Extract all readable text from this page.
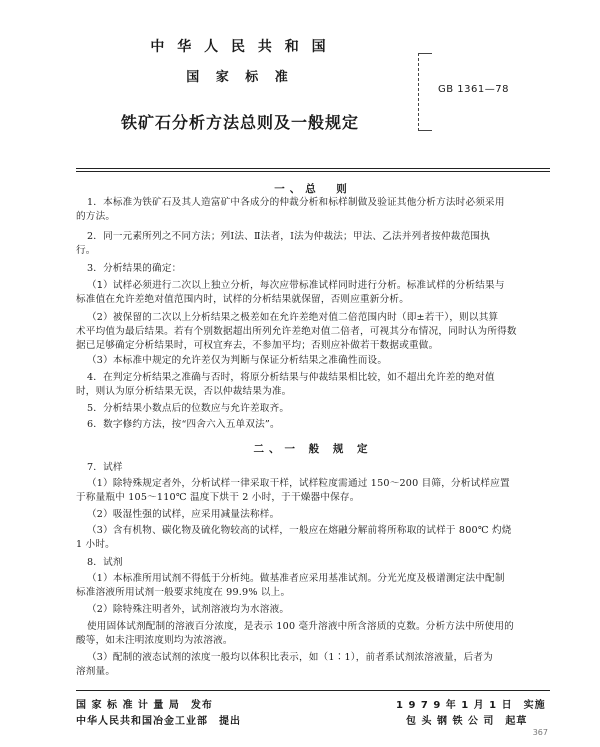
中 华 人 民 共 和 国
国 家 标 准
铁矿石分析方法总则及一般规定
GB 1361—78
一、总　则
1．本标准为铁矿石及其人造富矿中各成分的仲裁分析和标样制做及验证其他分析方法时必须采用
的方法。
2．同一元素所列之不同方法；列Ⅰ法、Ⅱ法者，Ⅰ法为仲裁法；甲法、乙法并列者按仲裁范围执
行。
3．分析结果的确定：
（1）试样必须进行二次以上独立分析，每次应带标准试样同时进行分析。标准试样的分析结果与
标准值在允许差绝对值范围内时，试样的分析结果就保留，否则应重新分析。
（2）被保留的二次以上分析结果之极差如在允许差绝对值二倍范围内时（即±若干），则以其算
术平均值为最后结果。若有个别数据超出所列允许差绝对值二倍者，可视其分布情况，同时认为所得数
据已足够确定分析结果时，可权宜弃去，不参加平均；否则应补做若干数据或重做。
（3）本标准中规定的允许差仅为判断与保证分析结果之准确性而设。
4．在判定分析结果之准确与否时，将原分析结果与仲裁结果相比较，如不超出允许差的绝对值
时，则认为原分析结果无误，否以仲裁结果为准。
5．分析结果小数点后的位数应与允许差取齐。
6．数字修约方法，按“四舍六入五单双法”。
二、一 般 规 定
7．试样
（1）除特殊规定者外，分析试样一律采取干样，试样粒度需通过 150～200 目筛，分析试样应置
于称量瓶中 105～110℃ 温度下烘干 2 小时，于干燥器中保存。
（2）吸湿性强的试样，应采用减量法称样。
（3）含有机物、碳化物及硫化物较高的试样，一般应在熔融分解前将所称取的试样于 800℃ 灼烧
1 小时。
8．试剂
（1）本标准所用试剂不得低于分析纯。做基准者应采用基准试剂。分光光度及极谱测定法中配制
标准溶液所用试剂一般要求纯度在 99.9% 以上。
（2）除特殊注明者外，试剂溶液均为水溶液。
使用固体试剂配制的溶液百分浓度，是表示 100 毫升溶液中所含溶质的克数。分析方法中所使用的
酸等，如未注明浓度则均为浓溶液。
（3）配制的液态试剂的浓度一般均以体积比表示，如（1∶1），前者系试剂浓溶液量，后者为
溶剂量。
国 家 标 准 计 量 局　发布
中华人民共和国冶金工业部　提出
1 9 7 9 年 1 月 1 日　实施
包 头 钢 铁 公 司　起草
367
